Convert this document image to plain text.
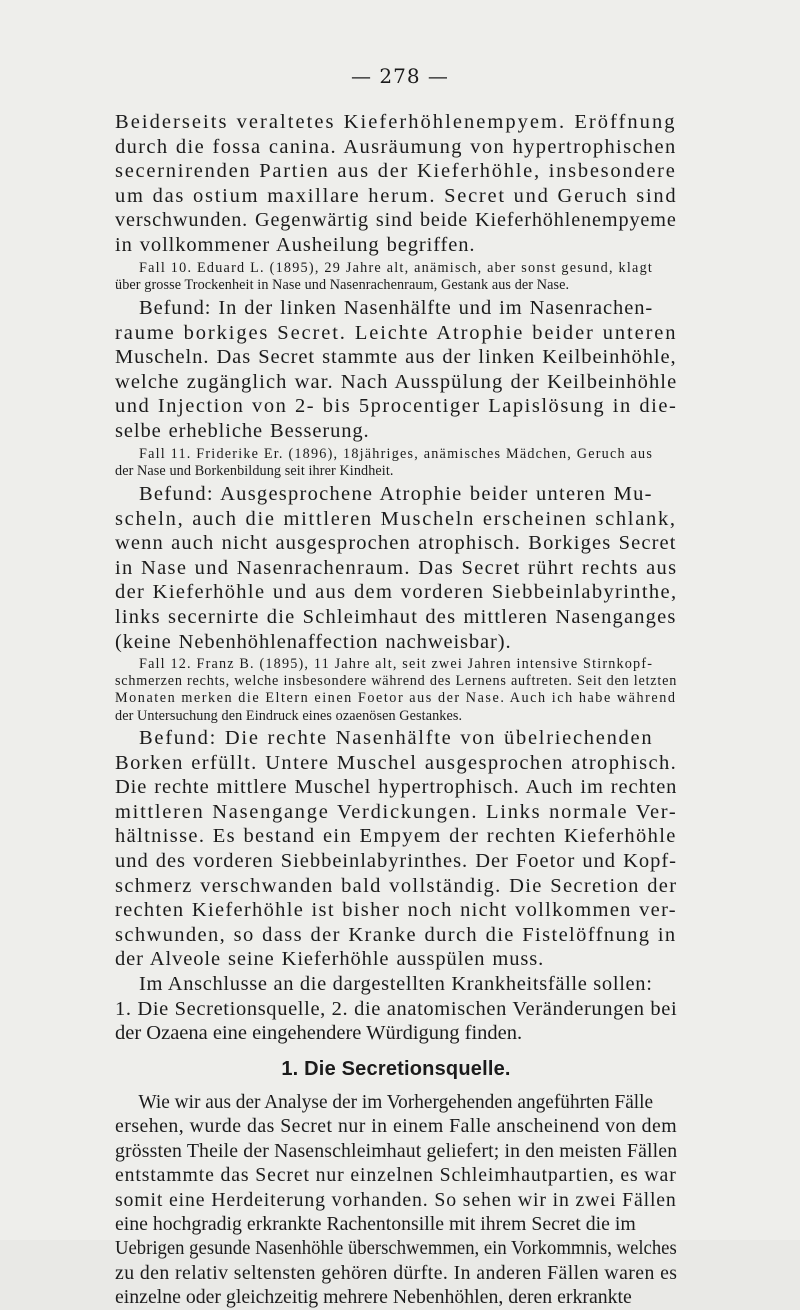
— 278 —
Beiderseits veraltetes Kieferhöhlenempyem. Eröffnung
durch die fossa canina. Ausräumung von hypertrophischen
secernirenden Partien aus der Kieferhöhle, insbesondere
um das ostium maxillare herum. Secret und Geruch sind
verschwunden. Gegenwärtig sind beide Kieferhöhlenempyeme
in vollkommener Ausheilung begriffen.
Fall 10. Eduard L. (1895), 29 Jahre alt, anämisch, aber sonst gesund, klagt
über grosse Trockenheit in Nase und Nasenrachenraum, Gestank aus der Nase.
Befund: In der linken Nasenhälfte und im Nasenrachen-
raume borkiges Secret. Leichte Atrophie beider unteren
Muscheln. Das Secret stammte aus der linken Keilbeinhöhle,
welche zugänglich war. Nach Ausspülung der Keilbeinhöhle
und Injection von 2- bis 5procentiger Lapislösung in die-
selbe erhebliche Besserung.
Fall 11. Friderike Er. (1896), 18jähriges, anämisches Mädchen, Geruch aus
der Nase und Borkenbildung seit ihrer Kindheit.
Befund: Ausgesprochene Atrophie beider unteren Mu-
scheln, auch die mittleren Muscheln erscheinen schlank,
wenn auch nicht ausgesprochen atrophisch. Borkiges Secret
in Nase und Nasenrachenraum. Das Secret rührt rechts aus
der Kieferhöhle und aus dem vorderen Siebbeinlabyrinthe,
links secernirte die Schleimhaut des mittleren Nasenganges
(keine Nebenhöhlenaffection nachweisbar).
Fall 12. Franz B. (1895), 11 Jahre alt, seit zwei Jahren intensive Stirnkopf-
schmerzen rechts, welche insbesondere während des Lernens auftreten. Seit den letzten
Monaten merken die Eltern einen Foetor aus der Nase. Auch ich habe während
der Untersuchung den Eindruck eines ozaenösen Gestankes.
Befund: Die rechte Nasenhälfte von übelriechenden
Borken erfüllt. Untere Muschel ausgesprochen atrophisch.
Die rechte mittlere Muschel hypertrophisch. Auch im rechten
mittleren Nasengange Verdickungen. Links normale Ver-
hältnisse. Es bestand ein Empyem der rechten Kieferhöhle
und des vorderen Siebbeinlabyrinthes. Der Foetor und Kopf-
schmerz verschwanden bald vollständig. Die Secretion der
rechten Kieferhöhle ist bisher noch nicht vollkommen ver-
schwunden, so dass der Kranke durch die Fistelöffnung in
der Alveole seine Kieferhöhle ausspülen muss.
Im Anschlusse an die dargestellten Krankheitsfälle sollen:
1. Die Secretionsquelle, 2. die anatomischen Veränderungen bei
der Ozaena eine eingehendere Würdigung finden.
1. Die Secretionsquelle.
Wie wir aus der Analyse der im Vorhergehenden angeführten Fälle
ersehen, wurde das Secret nur in einem Falle anscheinend von dem
grössten Theile der Nasenschleimhaut geliefert; in den meisten Fällen
entstammte das Secret nur einzelnen Schleimhautpartien, es war
somit eine Herdeiterung vorhanden. So sehen wir in zwei Fällen
eine hochgradig erkrankte Rachentonsille mit ihrem Secret die im
Uebrigen gesunde Nasenhöhle überschwemmen, ein Vorkommnis, welches
zu den relativ seltensten gehören dürfte. In anderen Fällen waren es
einzelne oder gleichzeitig mehrere Nebenhöhlen, deren erkrankte
